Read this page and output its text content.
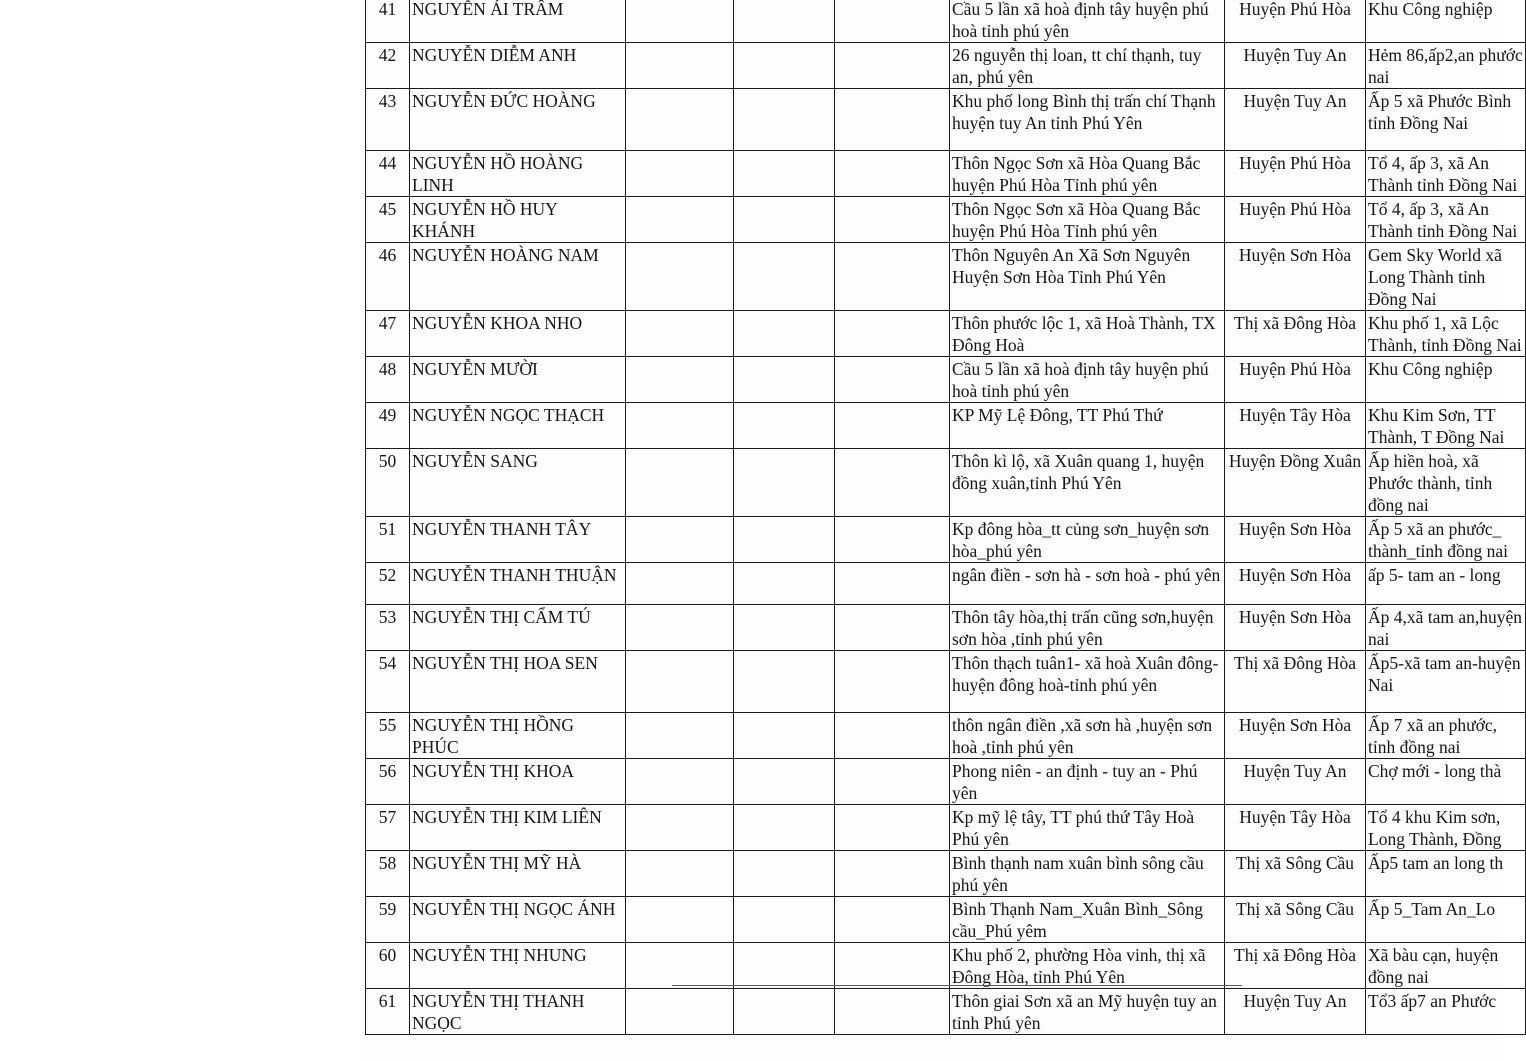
41	NGUYỄN ÁI TRÂM				Cầu 5 lần xã hoà định tây huyện phú hoà tỉnh phú yên	Huyện Phú Hòa	Khu Công nghiệp
42	NGUYỄN DIỄM ANH				26 nguyễn thị loan, tt chí thạnh, tuy an, phú yên	Huyện Tuy An	Hẻm 86,ấp2,an phước nai
43	NGUYỄN ĐỨC HOÀNG				Khu phố long Bình thị trấn chí Thạnh huyện tuy An tỉnh Phú Yên	Huyện Tuy An	Ấp 5 xã Phước Bình tỉnh Đồng Nai
44	NGUYỄN HỒ HOÀNG LINH				Thôn Ngọc Sơn xã Hòa Quang Bắc huyện Phú Hòa Tỉnh phú yên	Huyện Phú Hòa	Tổ 4, ấp 3, xã An Thành tỉnh Đồng Nai
45	NGUYỄN HỒ HUY KHÁNH				Thôn Ngọc Sơn xã Hòa Quang Bắc huyện Phú Hòa Tỉnh phú yên	Huyện Phú Hòa	Tổ 4, ấp 3, xã An Thành tỉnh Đồng Nai
46	NGUYỄN HOÀNG NAM				Thôn Nguyên An Xã Sơn Nguyên Huyện Sơn Hòa Tỉnh Phú Yên	Huyện Sơn Hòa	Gem Sky World xã Long Thành tỉnh Đồng Nai
47	NGUYỄN KHOA NHO				Thôn phước lộc 1, xã Hoà Thành, TX Đông Hoà	Thị xã Đông Hòa	Khu phố 1, xã Lộc Thành, tỉnh Đồng Nai
48	NGUYỄN MƯỜI				Cầu 5 lần xã hoà định tây huyện phú hoà tỉnh phú yên	Huyện Phú Hòa	Khu Công nghiệp
49	NGUYỄN NGỌC THẠCH				KP Mỹ Lệ Đông, TT Phú Thứ	Huyện Tây Hòa	Khu Kim Sơn, TT Thành, T Đồng Nai
50	NGUYỄN SANG				Thôn kì lộ, xã Xuân quang 1, huyện đồng xuân,tỉnh Phú Yên	Huyện Đồng Xuân	Ấp hiền hoà, xã Phước thành, tỉnh đồng nai
51	NGUYỄN THANH TÂY				Kp đông hòa_tt củng sơn_huyện sơn hòa_phú yên	Huyện Sơn Hòa	Ấp 5 xã an phước_ thành_tỉnh đồng nai
52	NGUYỄN THANH THUẬN				ngân điền - sơn hà - sơn hoà - phú yên	Huyện Sơn Hòa	ấp 5- tam an - long
53	NGUYỄN THỊ CẨM TÚ				Thôn tây hòa,thị trấn cũng sơn,huyện sơn hòa ,tỉnh phú yên	Huyện Sơn Hòa	Ấp 4,xã tam an,huyện nai
54	NGUYỄN THỊ HOA SEN				Thôn thạch tuân1- xã hoà Xuân đông-huyện đông hoà-tỉnh phú yên	Thị xã Đông Hòa	Ấp5-xã tam an-huyện Nai
55	NGUYỄN THỊ HỒNG PHÚC				thôn ngân điền ,xã sơn hà ,huyện sơn hoà ,tỉnh phú yên	Huyện Sơn Hòa	Ấp 7 xã an phước, tỉnh đồng nai
56	NGUYỄN THỊ KHOA				Phong niên - an định - tuy an - Phú yên	Huyện Tuy An	Chợ mới - long thà
57	NGUYỄN THỊ KIM LIÊN				Kp mỹ lệ tây, TT phú thứ Tây Hoà Phú yên	Huyện Tây Hòa	Tổ 4 khu Kim sơn, Long Thành, Đồng
58	NGUYỄN THỊ MỸ HÀ				Bình thạnh nam xuân bình sông cầu phú yên	Thị xã Sông Cầu	Ấp5 tam an long th
59	NGUYỄN THỊ NGỌC ÁNH				Bình Thạnh Nam_Xuân Bình_Sông cầu_Phú yêm	Thị xã Sông Cầu	Ấp 5_Tam An_Lo
60	NGUYỄN THỊ NHUNG				Khu phố 2, phường Hòa vinh, thị xã Đông Hòa, tỉnh Phú Yên	Thị xã Đông Hòa	Xã bàu cạn, huyện đồng nai
61	NGUYỄN THỊ THANH NGỌC				Thôn giai Sơn xã an Mỹ huyện tuy an tỉnh Phú yên	Huyện Tuy An	Tổ3 ấp7 an Phước
